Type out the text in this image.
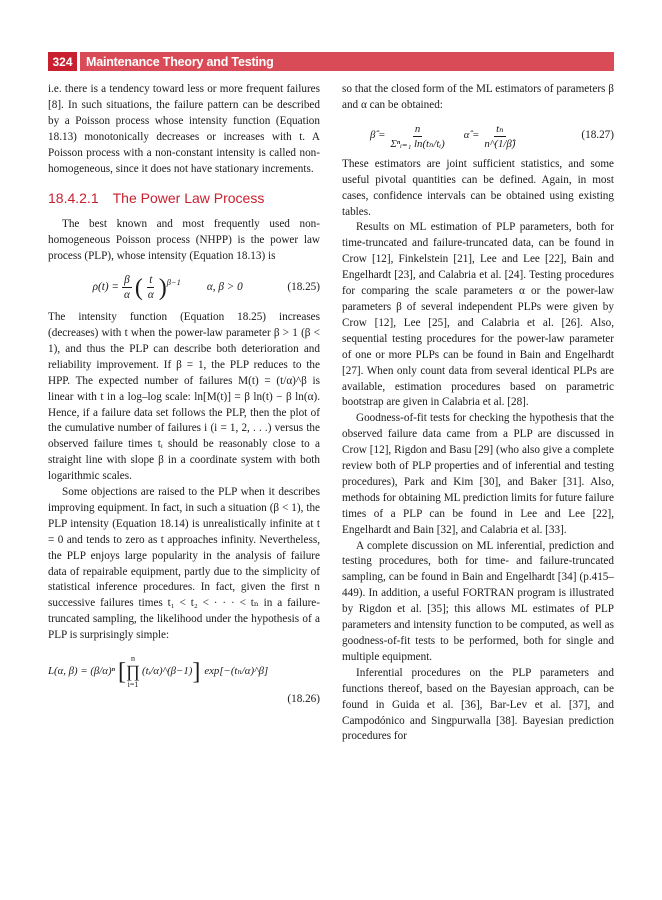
324	Maintenance Theory and Testing

i.e. there is a tendency toward less or more frequent failures [8]. In such situations, the failure pattern can be described by a Poisson process whose intensity function (Equation 18.13) monotonically decreases or increases with t. A Poisson process with a non-constant intensity is called non-homogeneous, since it does not have stationary increments.

18.4.2.1 The Power Law Process

The best known and most frequently used non-homogeneous Poisson process (NHPP) is the power law process (PLP), whose intensity (Equation 18.13) is

$\rho(t) = \frac{\beta}{\alpha}$ ( $\frac{t}{\alpha} )^{\beta-1}$ α, β > 0	(18.25)

The intensity function (Equation 18.25) increases (decreases) with t when the power-law parameter β > 1 (β < 1), and thus the PLP can describe both deterioration and reliability improvement. If β = 1, the PLP reduces to the HPP. The expected number of failures M(t) = (t/α)^β is linear with t in a log–log scale: ln[M(t)] = β ln(t) − β ln(α). Hence, if a failure data set follows the PLP, then the plot of the cumulative number of failures i (i = 1, 2, . . .) versus the observed failure times tᵢ should be reasonably close to a straight line with slope β in a coordinate system with both logarithmic scales.

Some objections are raised to the PLP when it describes improving equipment. In fact, in such a situation (β < 1), the PLP intensity (Equation 18.14) is unrealistically infinite at t = 0 and tends to zero as t approaches infinity. Nevertheless, the PLP enjoys large popularity in the analysis of failure data of repairable equipment, partly due to the simplicity of statistical inference procedures. In fact, given the first n successive failures times t₁ < t₂ < · · · < tₙ in a failure-truncated sampling, the likelihood under the hypothesis of a PLP is surprisingly simple:

L(α, β) = (β/α)ⁿ [
n
∏
i=1
(tᵢ/α)^(β−1) ] exp[−(tₙ/α)^β]
(18.26)

so that the closed form of the ML estimators of parameters β and α can be obtained:

β̂ = $\frac{n}{\text{Σⁿᵢ₌₁ ln(tₙ/tᵢ)}}$ α̂ = $\frac{\text{tₙ}}{n\^{}(1/\betâ)}$	(18.27)

These estimators are joint sufficient statistics, and some useful pivotal quantities can be defined. Again, in most cases, confidence intervals can be obtained using existing tables.

Results on ML estimation of PLP parameters, both for time-truncated and failure-truncated data, can be found in Crow [12], Finkelstein [21], Lee and Lee [22], Bain and Engelhardt [23], and Calabria et al. [24]. Testing procedures for comparing the scale parameters α or the power-law parameters β of several independent PLPs were given by Crow [12], Lee [25], and Calabria et al. [26]. Also, sequential testing procedures for the power-law parameter of one or more PLPs can be found in Bain and Engelhardt [27]. When only count data from several identical PLPs are available, estimation procedures based on parametric bootstrap are given in Calabria et al. [28].

Goodness-of-fit tests for checking the hypothesis that the observed failure data came from a PLP are discussed in Crow [12], Rigdon and Basu [29] (who also give a complete review both of PLP properties and of inferential and testing procedures), Park and Kim [30], and Baker [31]. Also, methods for obtaining ML prediction limits for future failure times of a PLP can be found in Lee and Lee [22], Engelhardt and Bain [32], and Calabria et al. [33].

A complete discussion on ML inferential, prediction and testing procedures, both for time- and failure-truncated sampling, can be found in Bain and Engelhardt [34] (p.415–449). In addition, a useful FORTRAN program is illustrated by Rigdon et al. [35]; this allows ML estimates of PLP parameters and intensity function to be computed, as well as goodness-of-fit tests to be performed, both for single and multiple equipment.

Inferential procedures on the PLP parameters and functions thereof, based on the Bayesian approach, can be found in Guida et al. [36], Bar-Lev et al. [37], and Campodónico and Singpurwalla [38]. Bayesian prediction procedures for
